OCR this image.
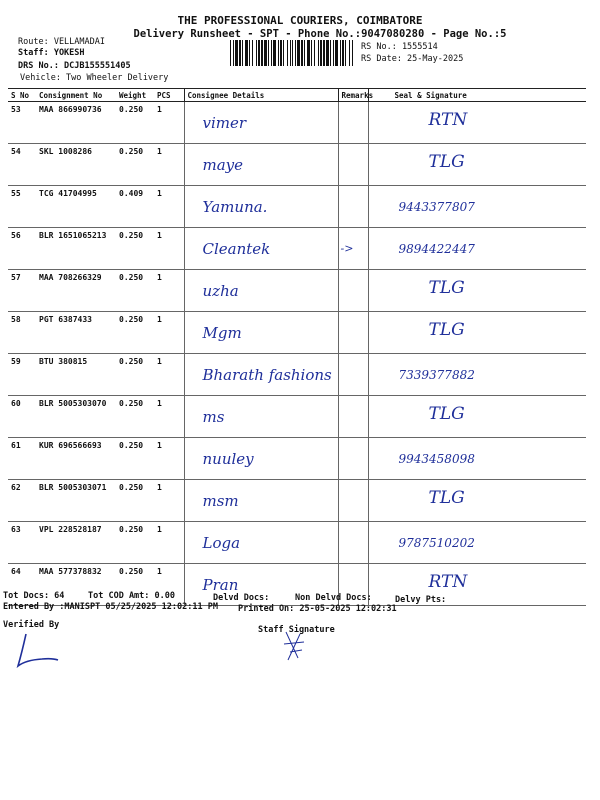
THE PROFESSIONAL COURIERS, COIMBATORE
Delivery Runsheet - SPT - Phone No.:9047080280 - Page No.:5
Route: VELLAMADAI
Staff: YOKESH
DRS No.: DCJB155551405
Vehicle: Two Wheeler Delivery
RS No.: 1555514
RS Date: 25-May-2025
S No	Consignment No	Weight	PCS	Consignee Details	Remarks	Seal & Signature
53	MAA 866990736	0.250	1	vimer		RTN

54	SKL 1008286	0.250	1	maye		TLG

55	TCG 41704995	0.409	1	Yamuna.		9443377807

56	BLR 1651065213	0.250	1	Cleantek	->	9894422447

57	MAA 708266329	0.250	1	uzha		TLG

58	PGT 6387433	0.250	1	Mgm		TLG

59	BTU 380815	0.250	1	Bharath fashions		7339377882

60	BLR 5005303070	0.250	1	ms		TLG

61	KUR 696566693	0.250	1	nuuley		9943458098

62	BLR 5005303071	0.250	1	msm		TLG

63	VPL 228528187	0.250	1	Loga		9787510202

64	MAA 577378832	0.250	1	Pran		RTN
Tot Docs: 64	Tot COD Amt: 0.00	Delvd Docs:	Non Delvd Docs:	Delvy Pts:
Entered By :MANISPT 05/25/2025 12:02:11 PM Printed On: 25-05-2025 12:02:31
Verified By	Staff Signature
